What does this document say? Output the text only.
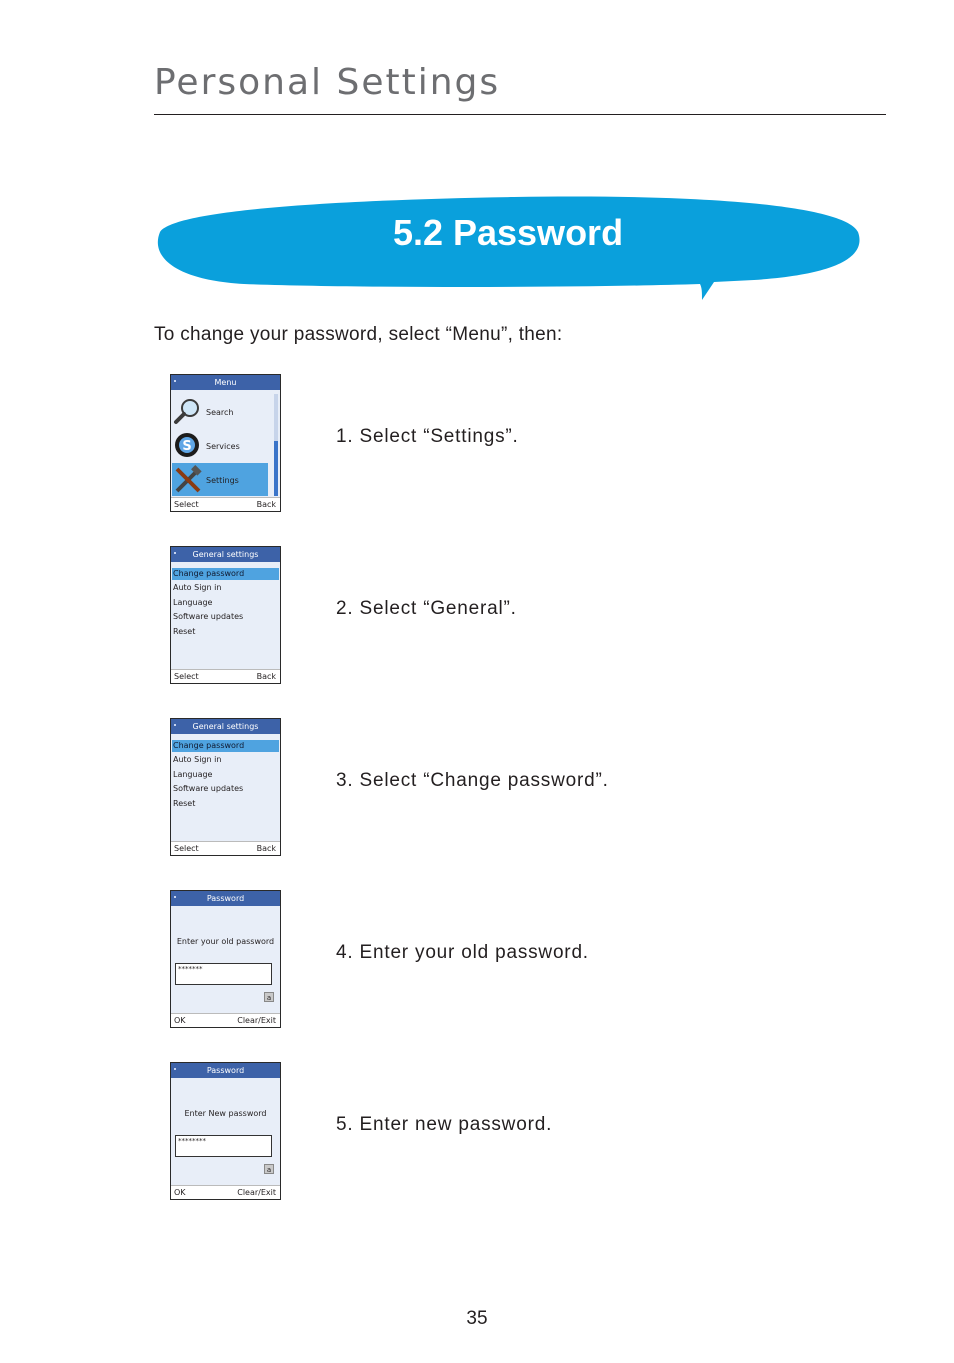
Personal Settings
5.2 Password

To change your password, select “Menu”, then:

Menu
Search
S Services
Settings
Select	Back

1. Select “Settings”.

General settings
Change password
Auto Sign in
Language
Software updates
Reset
Select	Back

2. Select “General”.

General settings
Change password
Auto Sign in
Language
Software updates
Reset
Select	Back

3. Select “Change password”.

Password
Enter your old password
*******
a
OK	Clear/Exit

4. Enter your old password.

Password
Enter New password
********
a
OK	Clear/Exit

5. Enter new password.

35
